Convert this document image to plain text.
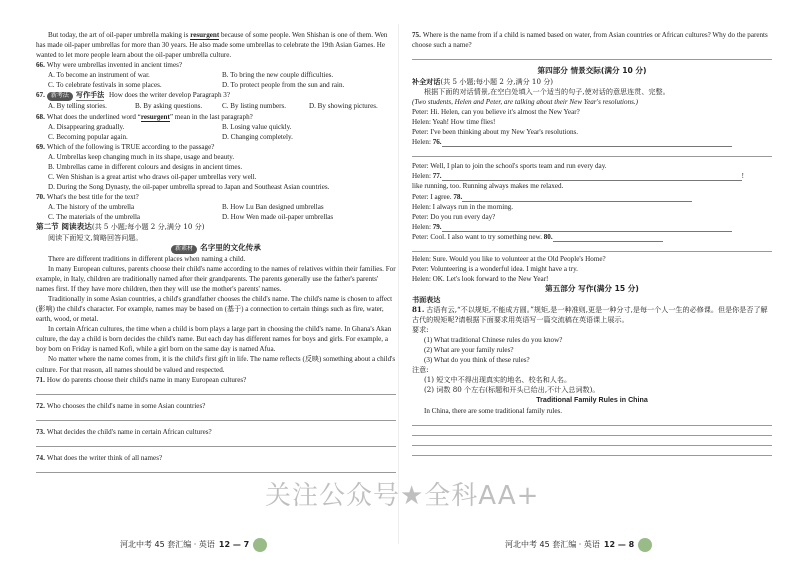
But today, the art of oil-paper umbrella making is resurgent because of some people. Wen Shishan is one of them. Wen has made oil-paper umbrellas for more than 30 years. He also made some umbrellas to celebrate the 19th Asian Games. He wanted to let more people learn about the oil-paper umbrella culture.

66. Why were umbrellas invented in ancient times?

A. To become an instrument of war.	B. To bring the new couple difficulties.
C. To celebrate festivals in some places.	D. To protect people from the sun and rain.

67. 新考法 写作手法 How does the writer develop Paragraph 3?

A. By telling stories.	B. By asking questions.	C. By listing numbers.	D. By showing pictures.

68. What does the underlined word “resurgent” mean in the last paragraph?

A. Disappearing gradually.	B. Losing value quickly.
C. Becoming popular again.	D. Changing completely.

69. Which of the following is TRUE according to the passage?

A. Umbrellas keep changing much in its shape, usage and beauty.

B. Umbrellas came in different colours and designs in ancient times.

C. Wen Shishan is a great artist who draws oil-paper umbrellas very well.

D. During the Song Dynasty, the oil-paper umbrella spread to Japan and Southeast Asian countries.

70. What's the best title for the text?

A. The history of the umbrella	B. How Lu Ban designed umbrellas
C. The materials of the umbrella	D. How Wen made oil-paper umbrellas

第二节 阅读表达(共 5 小题;每小题 2 分,满分 10 分)

阅读下面短文,简略回答问题。

新素材 名字里的文化传承

There are different traditions in different places when naming a child.

In many European cultures, parents choose their child's name according to the names of relatives within their families. For example, in Italy, children are traditionally named after their grandparents. The parents generally use the father's parents' names first. If they have more children, then they will use the mother's parents' names.

Traditionally in some Asian countries, a child's grandfather chooses the child's name. The child's name is chosen to affect (影响) the child's character. For example, names may be based on (基于) a connection to certain things such as fire, water, earth, wood, or metal.

In certain African cultures, the time when a child is born plays a large part in choosing the child's name. In Ghana's Akan culture, the day a child is born decides the child's name. But each day has different names for boys and girls. For example, a boy born on Friday is named Kofi, while a girl born on the same day is named Afua.

No matter where the name comes from, it is the child's first gift in life. The name reflects (反映) something about a child's culture. For that reason, all names should be valued and respected.

71. How do parents choose their child's name in many European cultures?

72. Who chooses the child's name in some Asian countries?

73. What decides the child's name in certain African cultures?

74. What does the writer think of all names?

河北中考 45 套汇编 · 英语 12 — 7

75. Where is the name from if a child is named based on water, from Asian countries or African cultures? Why do the parents choose such a name?

第四部分 情景交际(满分 10 分)

补全对话(共 5 小题;每小题 2 分,满分 10 分)

根据下面的对话情景,在空白处填入一个适当的句子,使对话的意思连贯、完整。

(Two students, Helen and Peter, are talking about their New Year's resolutions.)

Peter: Hi. Helen, can you believe it's almost the New Year?

Helen: Yeah! How time flies!

Peter: I've been thinking about my New Year's resolutions.

Helen: 76.

Peter: Well, I plan to join the school's sports team and run every day.

Helen: 77.	!

like running, too. Running always makes me relaxed.

Peter: I agree. 78.

Helen: I always run in the morning.

Peter: Do you run every day?

Helen: 79.

Peter: Cool. I also want to try something new. 80.

Helen: Sure. Would you like to volunteer at the Old People's Home?

Peter: Volunteering is a wonderful idea. I might have a try.

Helen: OK. Let's look forward to the New Year!

第五部分 写作(满分 15 分)

书面表达

81. 古语有云,“不以规矩,不能成方圆。”规矩,是一种准则,更是一种分寸,是每一个人一生的必修课。但是你是否了解古代的规矩呢?请根据下面要求用英语写一篇交流稿在英语课上展示。

要求:

(1) What traditional Chinese rules do you know?

(2) What are your family rules?

(3) What do you think of these rules?

注意:

(1) 短文中不得出现真实的地名、校名和人名。

(2) 词数 80 个左右(标题和开头已给出,不计入总词数)。

Traditional Family Rules in China

In China, there are some traditional family rules.

河北中考 45 套汇编 · 英语 12 — 8
关注公众号★全科AA+
